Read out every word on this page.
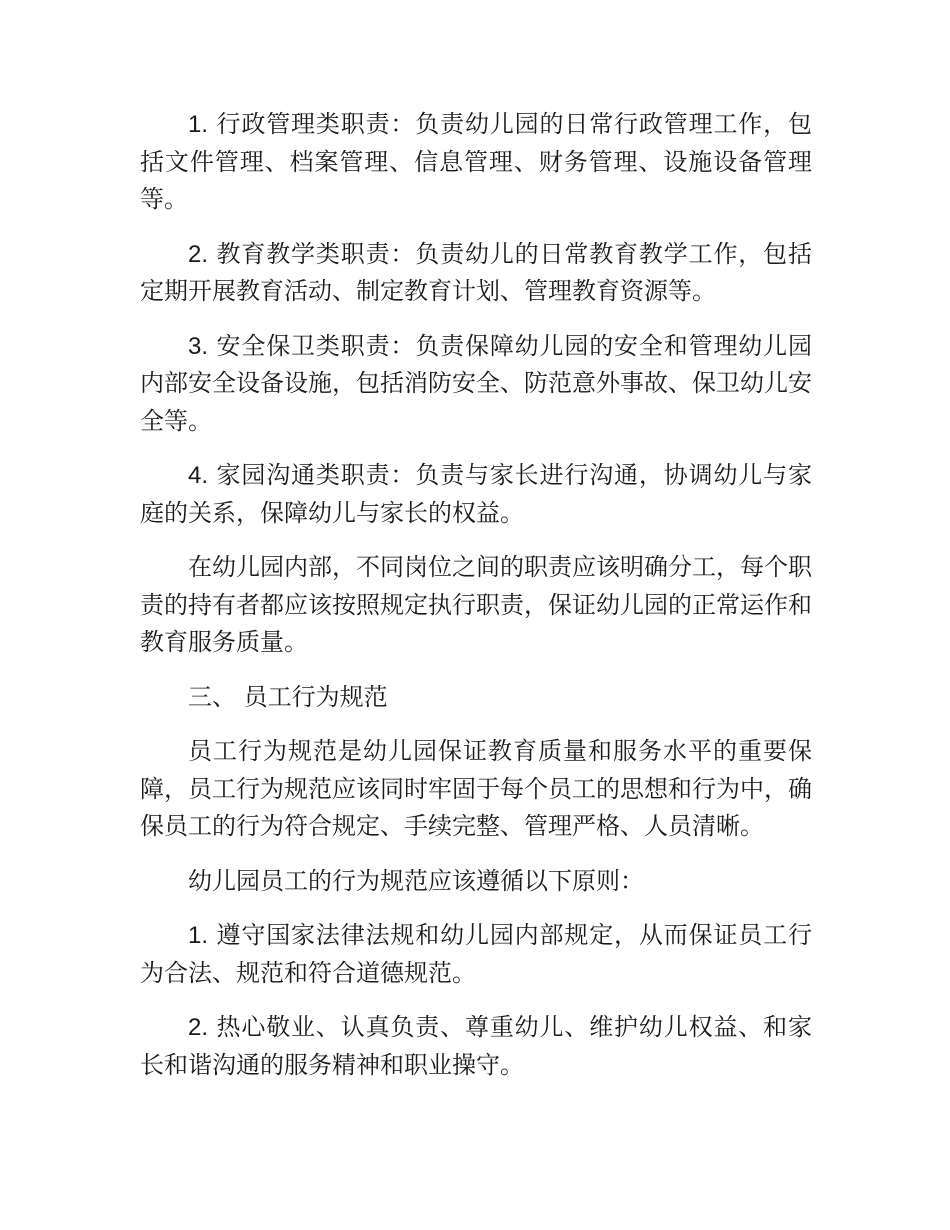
1. 行政管理类职责：负责幼儿园的日常行政管理工作，包括文件管理、档案管理、信息管理、财务管理、设施设备管理等。

2. 教育教学类职责：负责幼儿的日常教育教学工作，包括定期开展教育活动、制定教育计划、管理教育资源等。

3. 安全保卫类职责：负责保障幼儿园的安全和管理幼儿园内部安全设备设施，包括消防安全、防范意外事故、保卫幼儿安全等。

4. 家园沟通类职责：负责与家长进行沟通，协调幼儿与家庭的关系，保障幼儿与家长的权益。

在幼儿园内部，不同岗位之间的职责应该明确分工，每个职责的持有者都应该按照规定执行职责，保证幼儿园的正常运作和教育服务质量。

三、 员工行为规范

员工行为规范是幼儿园保证教育质量和服务水平的重要保障，员工行为规范应该同时牢固于每个员工的思想和行为中，确保员工的行为符合规定、手续完整、管理严格、人员清晰。

幼儿园员工的行为规范应该遵循以下原则：

1. 遵守国家法律法规和幼儿园内部规定，从而保证员工行为合法、规范和符合道德规范。

2. 热心敬业、认真负责、尊重幼儿、维护幼儿权益、和家长和谐沟通的服务精神和职业操守。
